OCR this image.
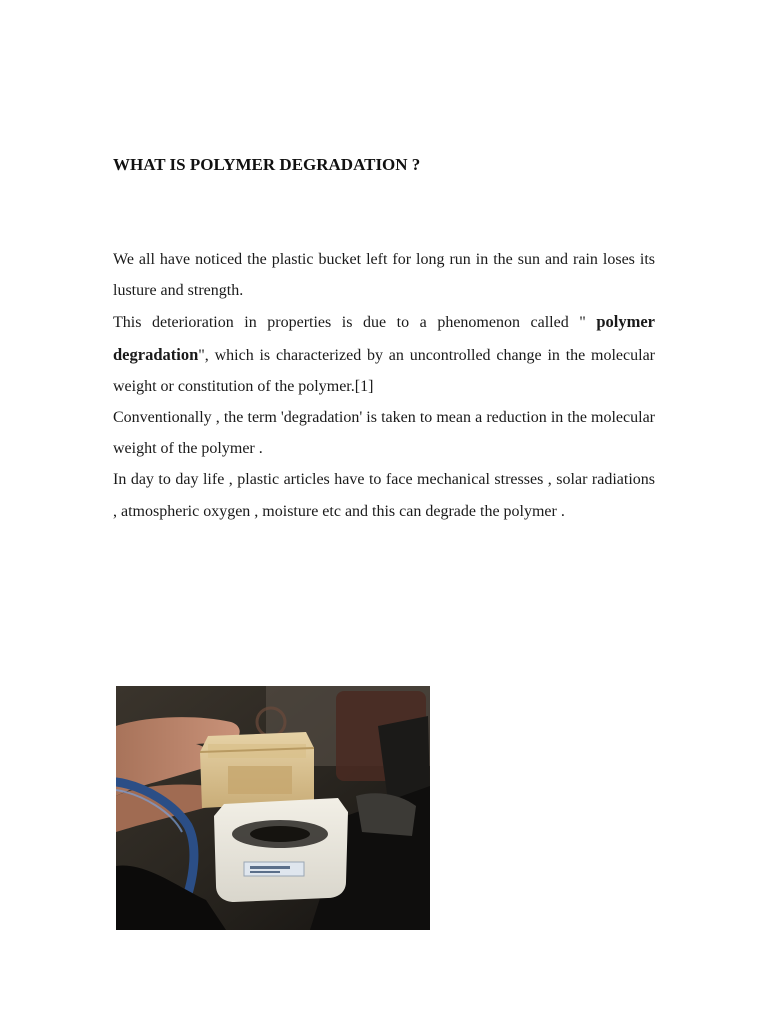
WHAT IS POLYMER DEGRADATION ?

We all have noticed the plastic bucket left for long run in the sun and rain loses its lusture and strength.

This deterioration in properties is due to a phenomenon called " polymer degradation", which is characterized by an uncontrolled change in the molecular weight or constitution of the polymer.[1]

Conventionally , the term 'degradation' is taken to mean a reduction in the molecular weight of the polymer .

In day to day life , plastic articles have to face mechanical stresses , solar radiations , atmospheric oxygen , moisture etc and this can degrade the polymer .
